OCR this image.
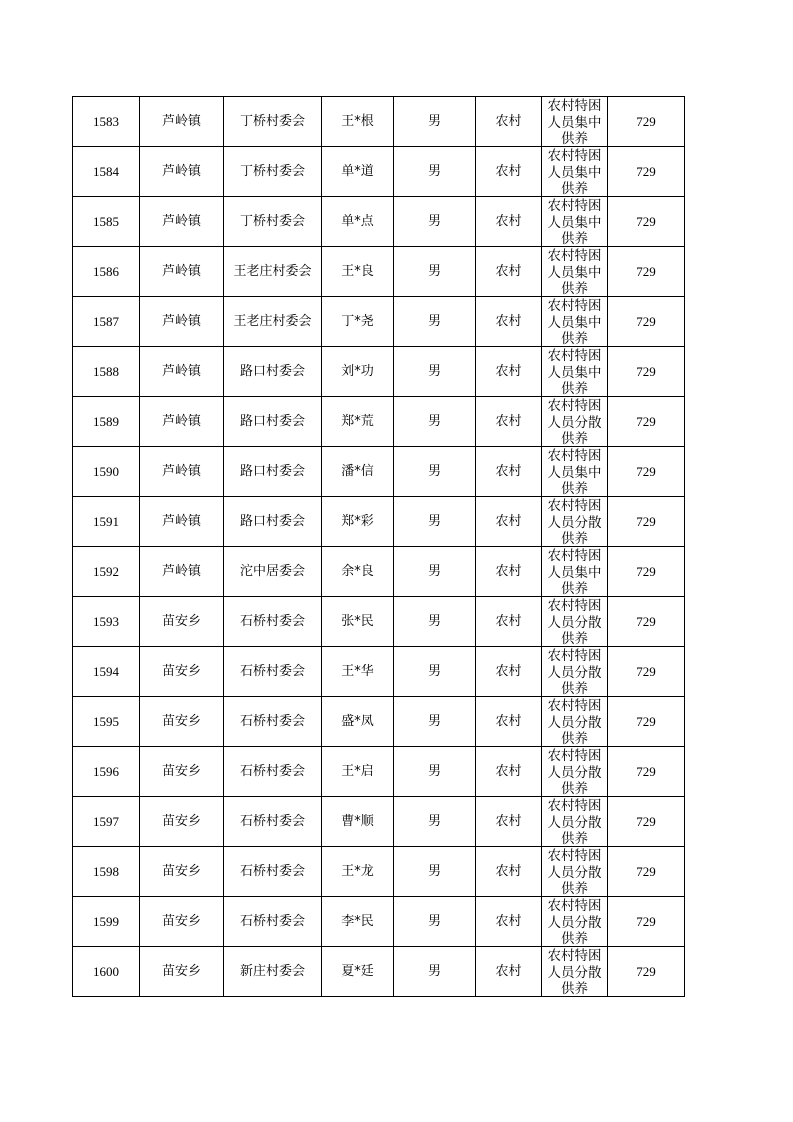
1583	芦岭镇	丁桥村委会	王*根	男	农村	农村特困人员集中供养	729
1584	芦岭镇	丁桥村委会	单*道	男	农村	农村特困人员集中供养	729
1585	芦岭镇	丁桥村委会	单*点	男	农村	农村特困人员集中供养	729
1586	芦岭镇	王老庄村委会	王*良	男	农村	农村特困人员集中供养	729
1587	芦岭镇	王老庄村委会	丁*尧	男	农村	农村特困人员集中供养	729
1588	芦岭镇	路口村委会	刘*功	男	农村	农村特困人员集中供养	729
1589	芦岭镇	路口村委会	郑*荒	男	农村	农村特困人员分散供养	729
1590	芦岭镇	路口村委会	潘*信	男	农村	农村特困人员集中供养	729
1591	芦岭镇	路口村委会	郑*彩	男	农村	农村特困人员分散供养	729
1592	芦岭镇	沱中居委会	余*良	男	农村	农村特困人员集中供养	729
1593	苗安乡	石桥村委会	张*民	男	农村	农村特困人员分散供养	729
1594	苗安乡	石桥村委会	王*华	男	农村	农村特困人员分散供养	729
1595	苗安乡	石桥村委会	盛*凤	男	农村	农村特困人员分散供养	729
1596	苗安乡	石桥村委会	王*启	男	农村	农村特困人员分散供养	729
1597	苗安乡	石桥村委会	曹*顺	男	农村	农村特困人员分散供养	729
1598	苗安乡	石桥村委会	王*龙	男	农村	农村特困人员分散供养	729
1599	苗安乡	石桥村委会	李*民	男	农村	农村特困人员分散供养	729
1600	苗安乡	新庄村委会	夏*廷	男	农村	农村特困人员分散供养	729
